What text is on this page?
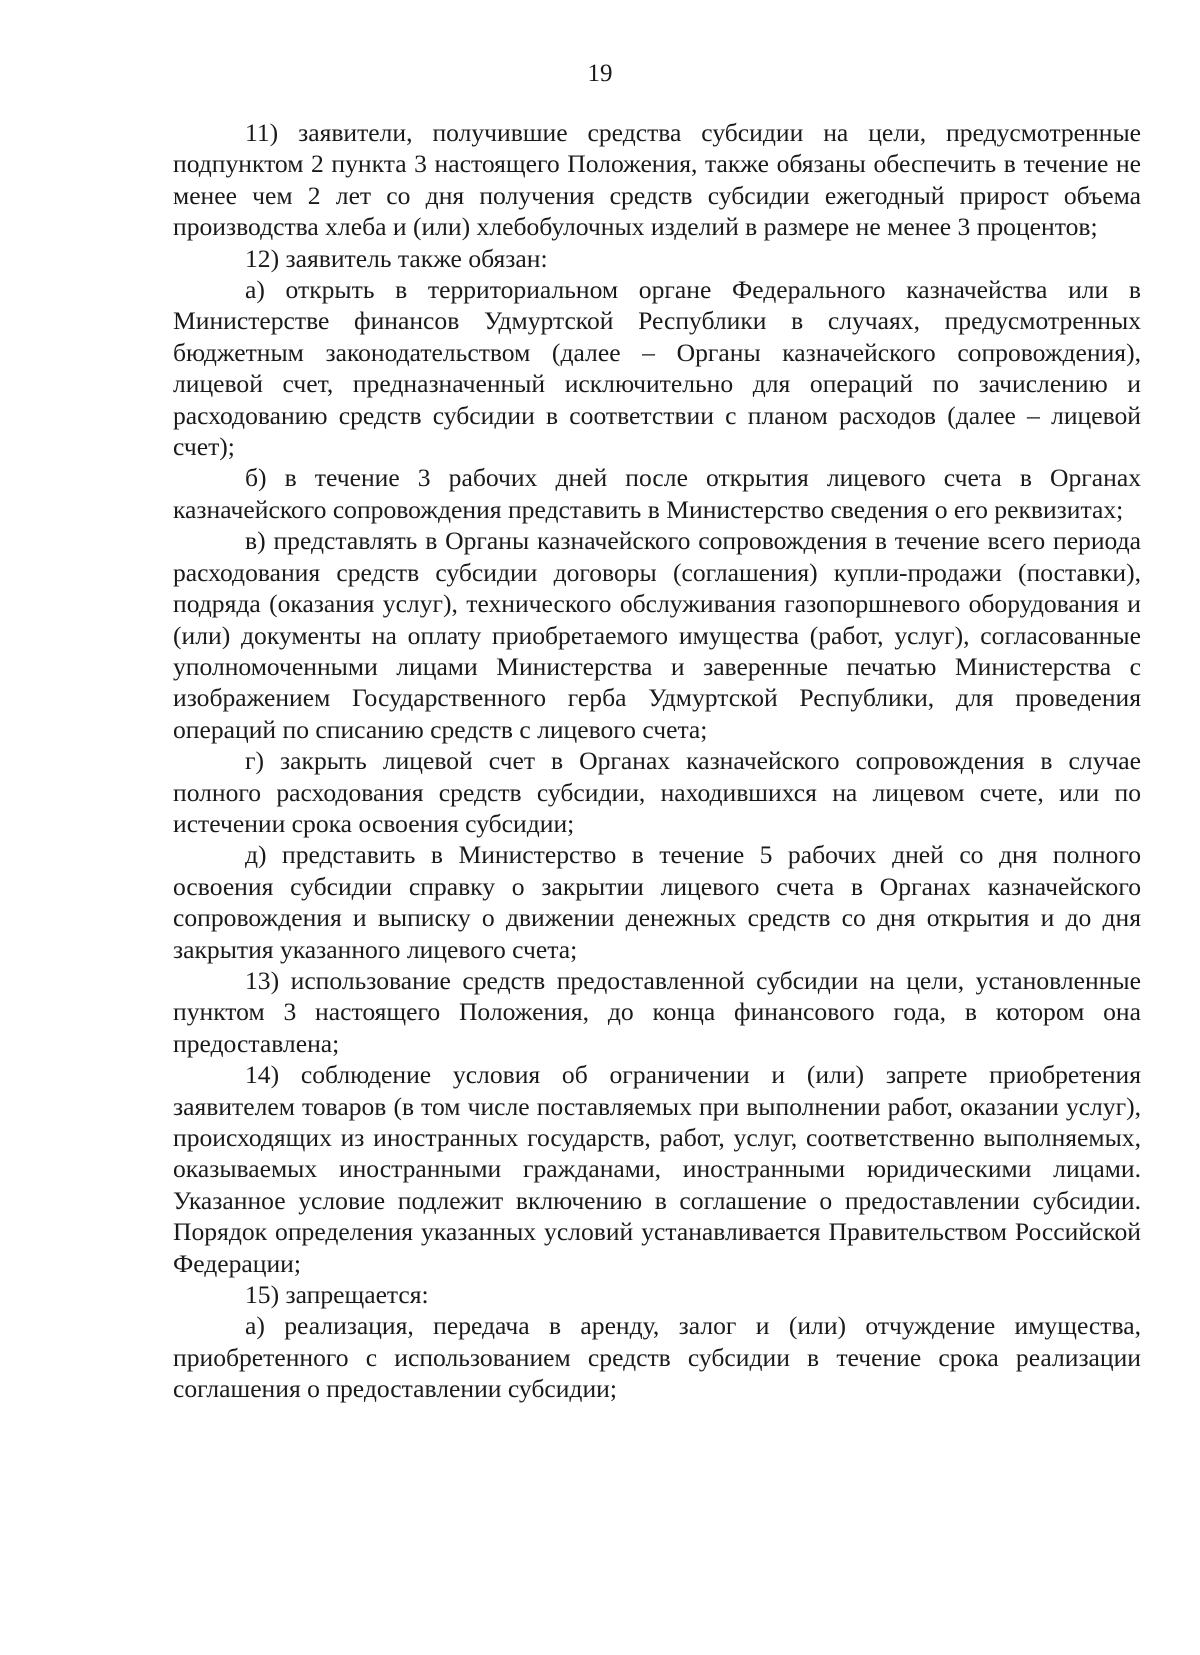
19

11) заявители, получившие средства субсидии на цели, предусмотренные подпунктом 2 пункта 3 настоящего Положения, также обязаны обеспечить в течение не менее чем 2 лет со дня получения средств субсидии ежегодный прирост объема производства хлеба и (или) хлебобулочных изделий в размере не менее 3 процентов;

12) заявитель также обязан:

а) открыть в территориальном органе Федерального казначейства или в Министерстве финансов Удмуртской Республики в случаях, предусмотренных бюджетным законодательством (далее – Органы казначейского сопровождения), лицевой счет, предназначенный исключительно для операций по зачислению и расходованию средств субсидии в соответствии с планом расходов (далее – лицевой счет);

б) в течение 3 рабочих дней после открытия лицевого счета в Органах казначейского сопровождения представить в Министерство сведения о его реквизитах;

в) представлять в Органы казначейского сопровождения в течение всего периода расходования средств субсидии договоры (соглашения) купли-продажи (поставки), подряда (оказания услуг), технического обслуживания газопоршневого оборудования и (или) документы на оплату приобретаемого имущества (работ, услуг), согласованные уполномоченными лицами Министерства и заверенные печатью Министерства с изображением Государственного герба Удмуртской Республики, для проведения операций по списанию средств с лицевого счета;

г) закрыть лицевой счет в Органах казначейского сопровождения в случае полного расходования средств субсидии, находившихся на лицевом счете, или по истечении срока освоения субсидии;

д) представить в Министерство в течение 5 рабочих дней со дня полного освоения субсидии справку о закрытии лицевого счета в Органах казначейского сопровождения и выписку о движении денежных средств со дня открытия и до дня закрытия указанного лицевого счета;

13) использование средств предоставленной субсидии на цели, установленные пунктом 3 настоящего Положения, до конца финансового года, в котором она предоставлена;

14) соблюдение условия об ограничении и (или) запрете приобретения заявителем товаров (в том числе поставляемых при выполнении работ, оказании услуг), происходящих из иностранных государств, работ, услуг, соответственно выполняемых, оказываемых иностранными гражданами, иностранными юридическими лицами. Указанное условие подлежит включению в соглашение о предоставлении субсидии. Порядок определения указанных условий устанавливается Правительством Российской Федерации;

15) запрещается:

а) реализация, передача в аренду, залог и (или) отчуждение имущества, приобретенного с использованием средств субсидии в течение срока реализации соглашения о предоставлении субсидии;
